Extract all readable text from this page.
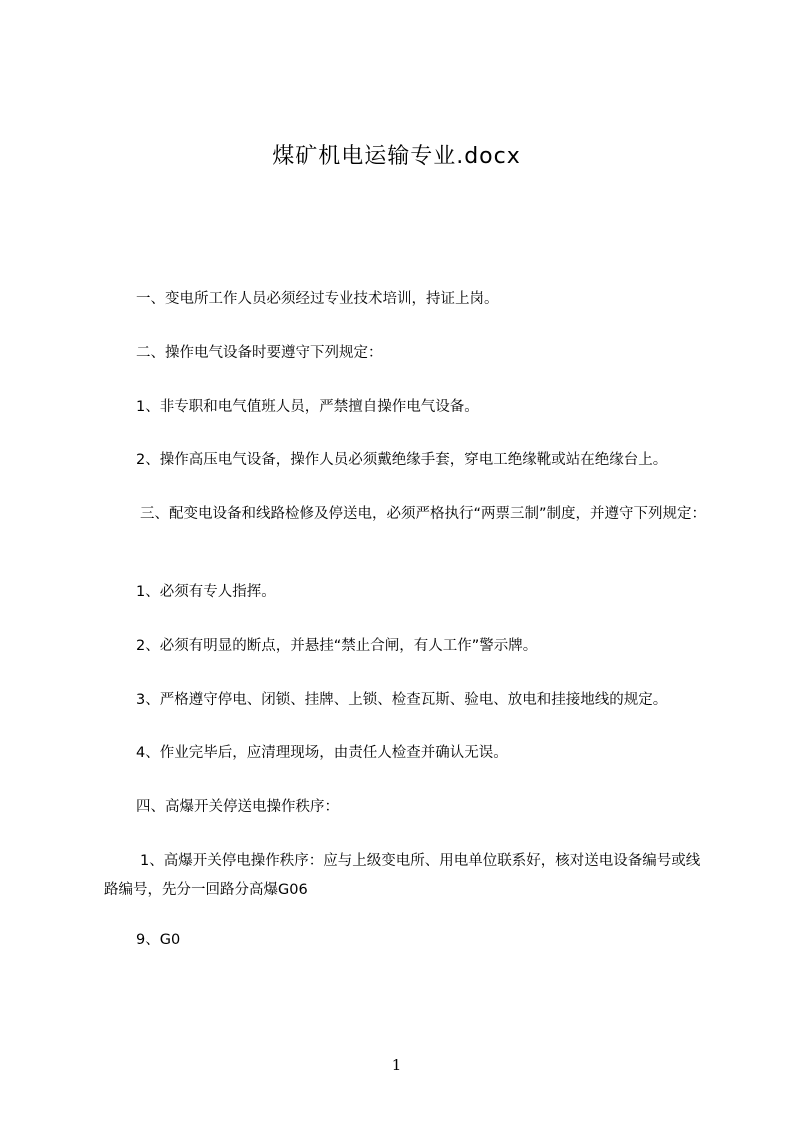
煤矿机电运输专业.docx
一、变电所工作人员必须经过专业技术培训，持证上岗。
二、操作电气设备时要遵守下列规定：
1、非专职和电气值班人员，严禁擅自操作电气设备。
2、操作高压电气设备，操作人员必须戴绝缘手套，穿电工绝缘靴或站在绝缘台上。
三、配变电设备和线路检修及停送电，必须严格执行“两票三制”制度，并遵守下列规定：
1、必须有专人指挥。
2、必须有明显的断点，并悬挂“禁止合闸，有人工作”警示牌。
3、严格遵守停电、闭锁、挂牌、上锁、检查瓦斯、验电、放电和挂接地线的规定。
4、作业完毕后，应清理现场，由责任人检查并确认无误。
四、高爆开关停送电操作秩序：
1、高爆开关停电操作秩序：应与上级变电所、用电单位联系好，核对送电设备编号或线路编号，先分一回路分高爆G06
9、G0
1
